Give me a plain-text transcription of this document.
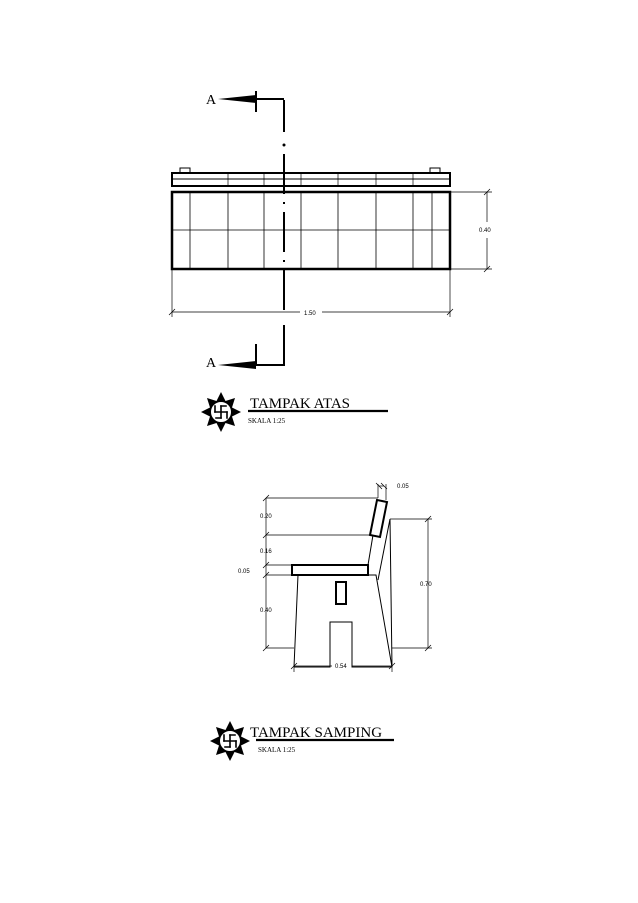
A
A
0.40
1.50
TAMPAK ATAS
SKALA 1:25
0.05
0.20
0.16
0.05
0.40
0.70
0.54
TAMPAK SAMPING
SKALA 1:25
